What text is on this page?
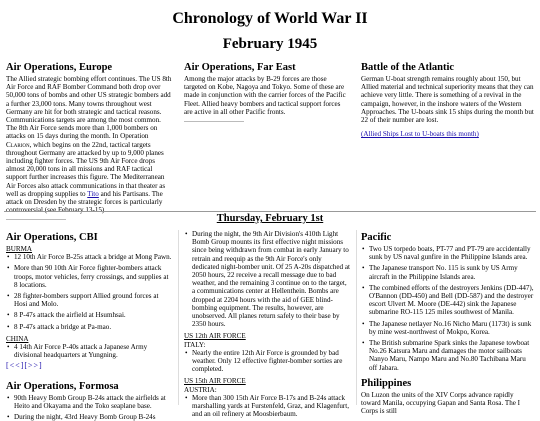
Chronology of World War II
February 1945
Air Operations, Europe

The Allied strategic bombing effort continues. The US 8th Air Force and RAF Bomber Command both drop over 50,000 tons of bombs and other US strategic bombers add a further 23,000 tons. Many towns throughout west Germany are hit for both strategic and tactical reasons. Communications targets are among the most common. The 8th Air Force sends more than 1,000 bombers on attacks on 15 days during the month. In Operation Clarion, which begins on the 22nd, tactical targets throughout Germany are attacked by up to 9,000 planes including fighter forces. The US 9th Air Force drops almost 20,000 tons in all missions and RAF tactical support further increases this figure. The Mediterranean Air Forces also attack communications in that theater as well as dropping supplies to Tito and his Partisans. The attack on Dresden by the strategic forces is particularly controversial (see February 13-15).

Air Operations, Far East

Among the major attacks by B-29 forces are those targeted on Kobe, Nagoya and Tokyo. Some of these are made in conjunction with the carrier forces of the Pacific Fleet. Allied heavy bombers and tactical support forces are active in all other Pacific fronts.

Battle of the Atlantic

German U-boat strength remains roughly about 150, but Allied material and technical superiority means that they can achieve very little. There is something of a revival in the campaign, however, in the inshore waters of the Western Approaches. The U-boats sink 15 ships during the month but 22 of their number are lost.

(Allied Ships Lost to U-boats this month)

Thursday, February 1st
Air Operations, CBI
BURMA
• 12 10th Air Force B-25s attack a bridge at Mong Pawn.
• More than 90 10th Air Force fighter-bombers attack troops, motor vehicles, ferry crossings, and supplies at 8 locations.
• 28 fighter-bombers support Allied ground forces at Hosi and Molo.
• 8 P-47s attack the airfield at Hsumhsai.
• 8 P-47s attack a bridge at Pa-mao.
CHINA
• 4 14th Air Force P-40s attack a Japanese Army divisional headquarters at Yungning.
[<<][>>]
Air Operations, Formosa
• 90th Heavy Bomb Group B-24s attack the airfields at Heito and Okayama and the Toko seaplane base.
• During the night, 43rd Heavy Bomb Group B-24s
• During the night, the 9th Air Division's 410th Light Bomb Group mounts its first effective night missions since being withdrawn from combat in early January to retrain and reequip as the 9th Air Force's only dedicated night-bomber unit. Of 25 A-20s dispatched at 2050 hours, 22 receive a recall message due to bad weather, and the remaining 3 continue on to the target, a communications center at Hellenthein. Bombs are dropped at 2204 hours with the aid of GEE blind-bombing equipment. The results, however, are unobserved. All planes return safely to their base by 2350 hours.
US 12th AIR FORCE
ITALY:
• Nearly the entire 12th Air Force is grounded by bad weather. Only 12 effective fighter-bomber sorties are completed.
US 15th AIR FORCE
AUSTRIA:
• More than 300 15th Air Force B-17s and B-24s attack marshalling yards at Furstenfeld, Graz, and Klagenfurt, and an oil refinery at Moosbierbaum.
Pacific
• Two US torpedo boats, PT-77 and PT-79 are accidentally sunk by US naval gunfire in the Philippine Islands area.
• The Japanese transport No. 115 is sunk by US Army aircraft in the Philippine Islands area.
• The combined efforts of the destroyers Jenkins (DD-447), O'Bannon (DD-450) and Bell (DD-587) and the destroyer escort Ulvert M. Moore (DE-442) sink the Japanese submarine RO-115 125 miles southwest of Manila.
• The Japanese netlayer No.16 Nicho Maru (1173t) is sunk by mine west-northwest of Mokpo, Korea.
• The British submarine Spark sinks the Japanese towboat No.26 Katsura Maru and damages the motor sailboats Nanyo Maru, Nampo Maru and No.80 Tachibana Maru off Jabara.
Philippines

On Luzon the units of the XIV Corps advance rapidly toward Manila, occupying Gapan and Santa Rosa. The I Corps is still
